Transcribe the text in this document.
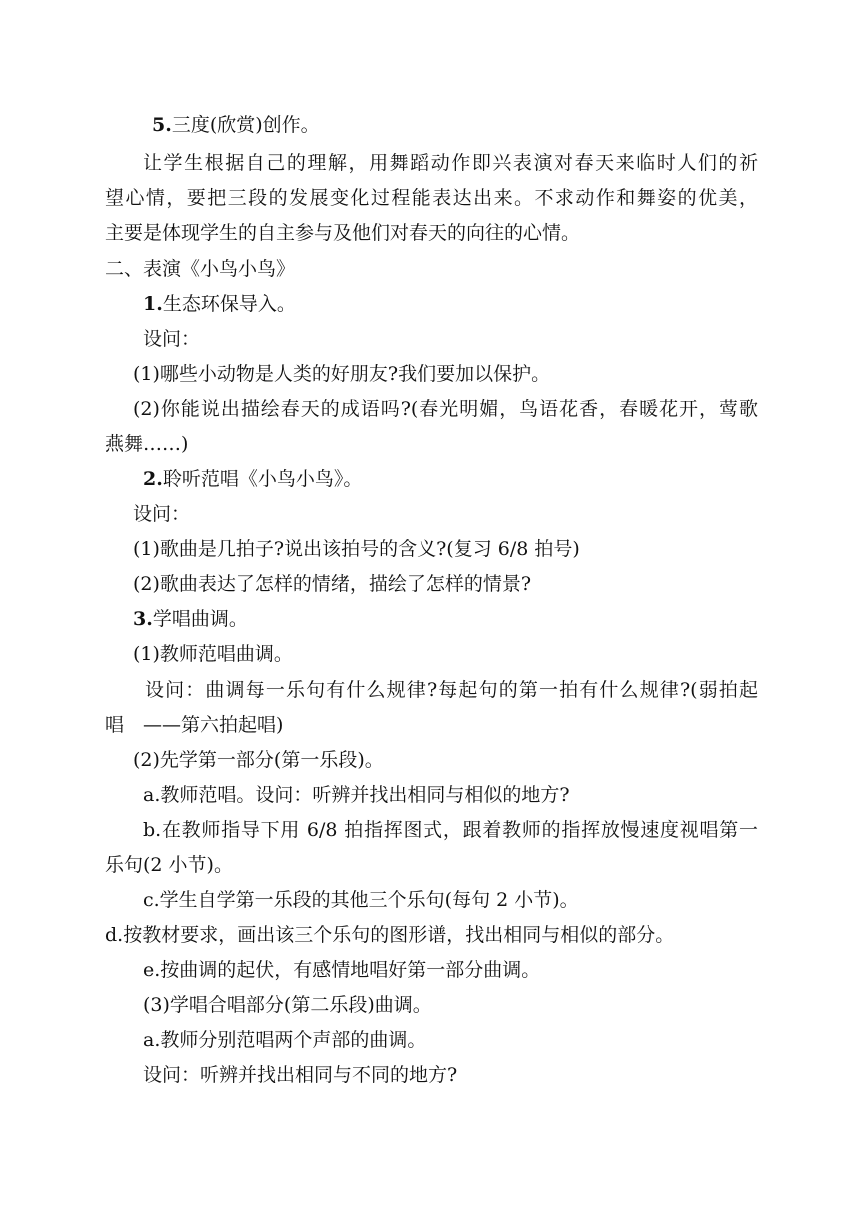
5.三度(欣赏)创作。
让学生根据自己的理解，用舞蹈动作即兴表演对春天来临时人们的祈
望心情，要把三段的发展变化过程能表达出来。不求动作和舞姿的优美，
主要是体现学生的自主参与及他们对春天的向往的心情。
二、表演《小鸟小鸟》
1.生态环保导入。
设问：
(1)哪些小动物是人类的好朋友?我们要加以保护。
(2)你能说出描绘春天的成语吗?(春光明媚，鸟语花香，春暖花开，莺歌
燕舞……)
2.聆听范唱《小鸟小鸟》。
设问：
(1)歌曲是几拍子?说出该拍号的含义?(复习 6/8 拍号)
(2)歌曲表达了怎样的情绪，描绘了怎样的情景?
3.学唱曲调。
(1)教师范唱曲调。
设问：曲调每一乐句有什么规律?每起句的第一拍有什么规律?(弱拍起
唱　——第六拍起唱)
(2)先学第一部分(第一乐段)。
a.教师范唱。设问：听辨并找出相同与相似的地方?
b.在教师指导下用 6/8 拍指挥图式，跟着教师的指挥放慢速度视唱第一
乐句(2 小节)。
c.学生自学第一乐段的其他三个乐句(每句 2 小节)。
d.按教材要求，画出该三个乐句的图形谱，找出相同与相似的部分。
e.按曲调的起伏，有感情地唱好第一部分曲调。
(3)学唱合唱部分(第二乐段)曲调。
a.教师分别范唱两个声部的曲调。
设问：听辨并找出相同与不同的地方?
